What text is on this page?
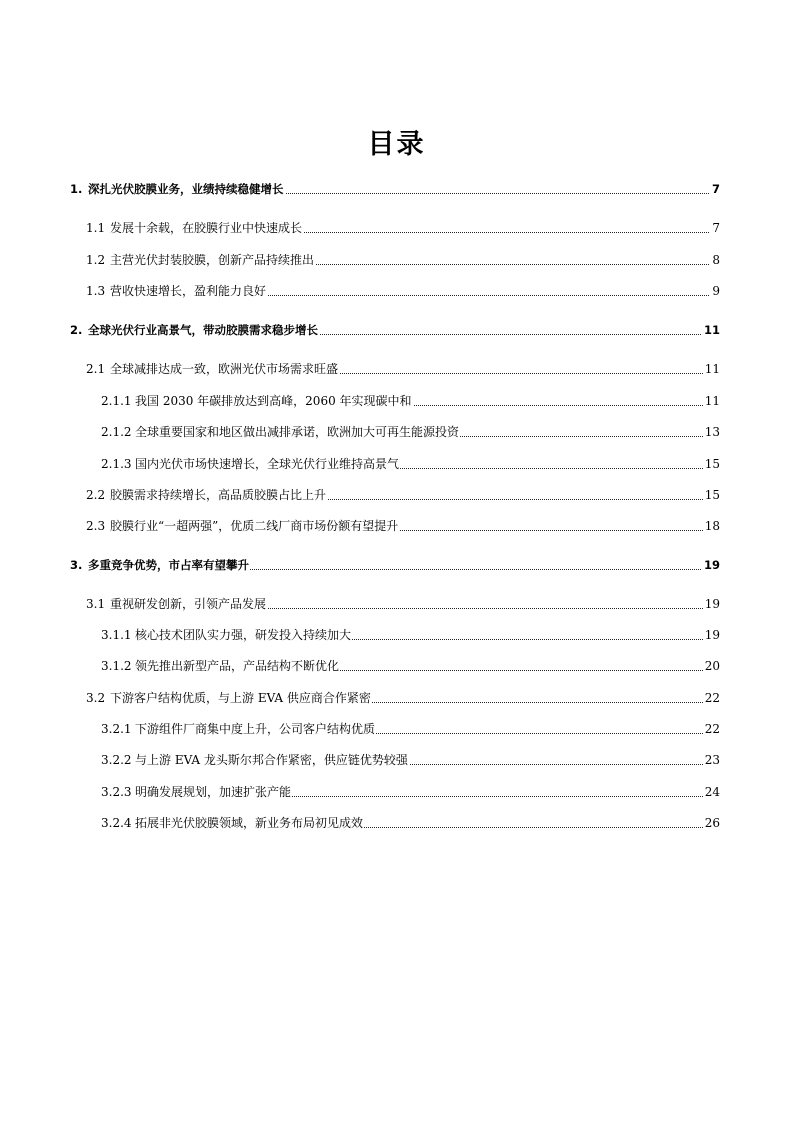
目录
1. 深扎光伏胶膜业务，业绩持续稳健增长	7
1.1 发展十余载，在胶膜行业中快速成长	7
1.2 主营光伏封装胶膜，创新产品持续推出	8
1.3 营收快速增长，盈利能力良好	9
2. 全球光伏行业高景气，带动胶膜需求稳步增长	11
2.1 全球减排达成一致，欧洲光伏市场需求旺盛	11
2.1.1 我国 2030 年碳排放达到高峰，2060 年实现碳中和	11
2.1.2 全球重要国家和地区做出减排承诺，欧洲加大可再生能源投资	13
2.1.3 国内光伏市场快速增长，全球光伏行业维持高景气	15
2.2 胶膜需求持续增长，高品质胶膜占比上升	15
2.3 胶膜行业“一超两强”，优质二线厂商市场份额有望提升	18
3. 多重竞争优势，市占率有望攀升	19
3.1 重视研发创新，引领产品发展	19
3.1.1 核心技术团队实力强，研发投入持续加大	19
3.1.2 领先推出新型产品，产品结构不断优化	20
3.2 下游客户结构优质，与上游 EVA 供应商合作紧密	22
3.2.1 下游组件厂商集中度上升，公司客户结构优质	22
3.2.2 与上游 EVA 龙头斯尔邦合作紧密，供应链优势较强	23
3.2.3 明确发展规划，加速扩张产能	24
3.2.4 拓展非光伏胶膜领域，新业务布局初见成效	26
